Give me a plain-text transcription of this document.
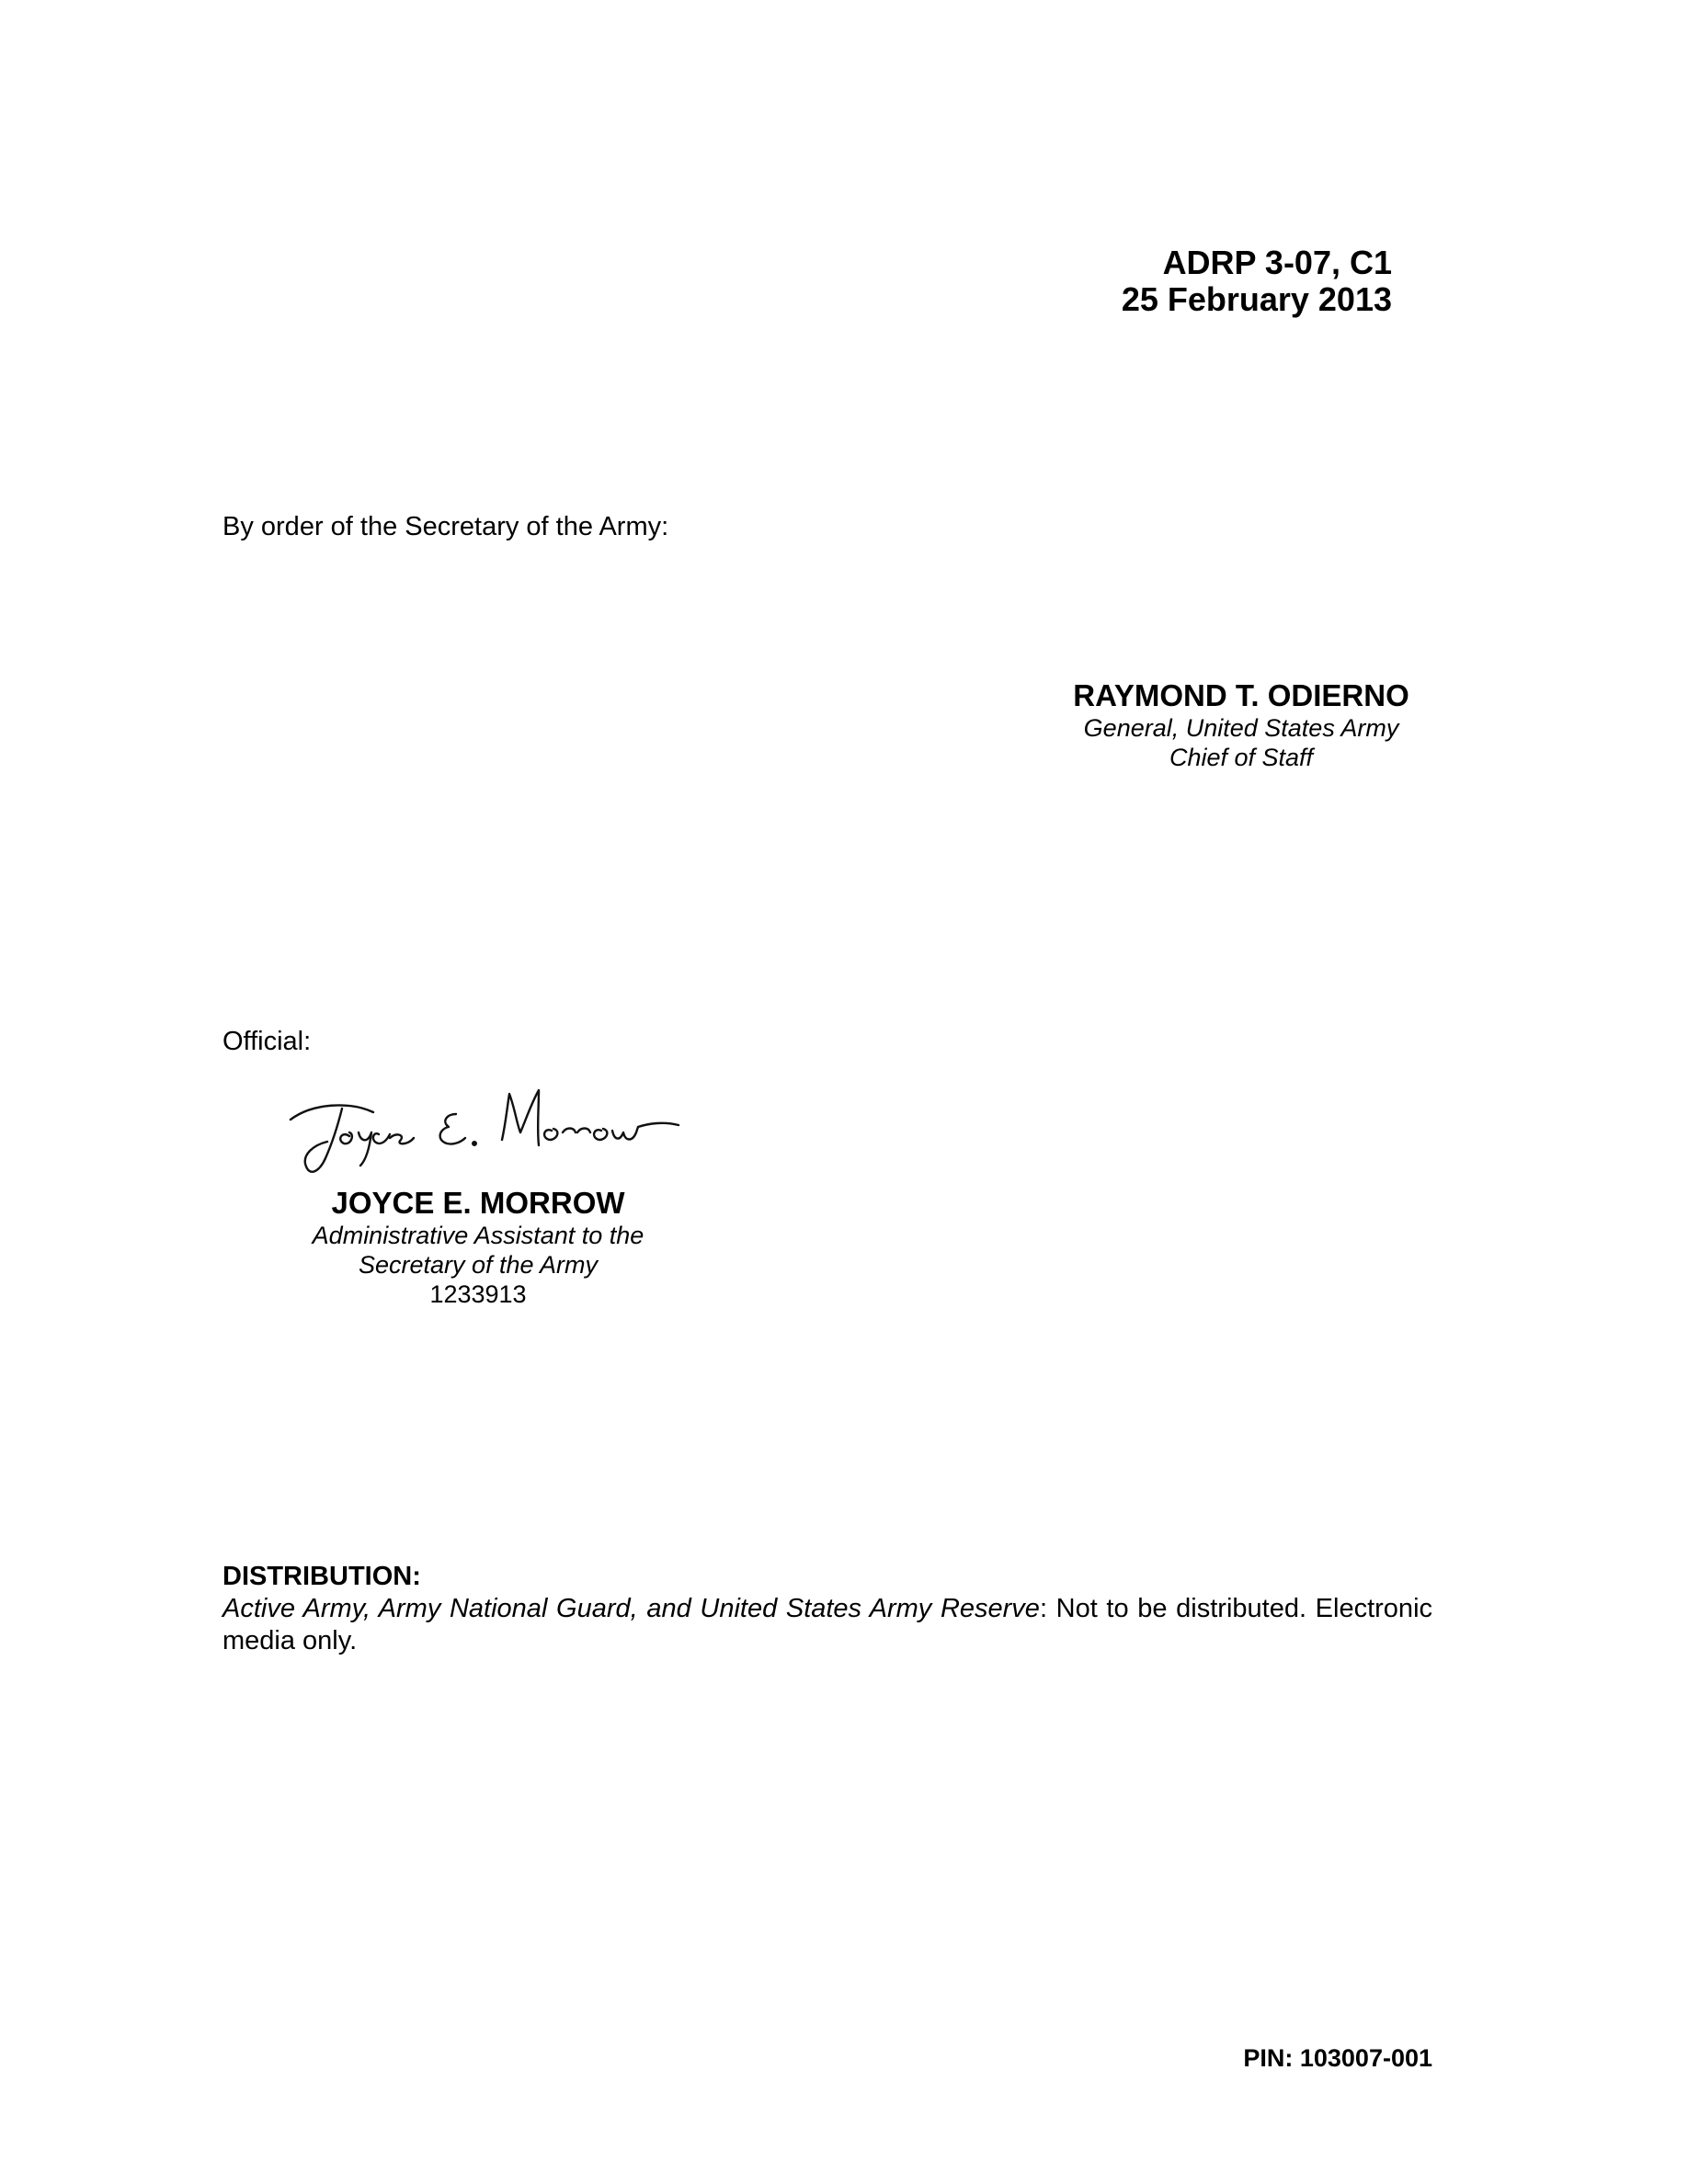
ADRP 3-07, C1
25 February 2013
By order of the Secretary of the Army:
RAYMOND T. ODIERNO
General, United States Army
Chief of Staff
Official:
JOYCE E. MORROW
Administrative Assistant to the
Secretary of the Army
1233913
DISTRIBUTION:
Active Army, Army National Guard, and United States Army Reserve: Not to be distributed. Electronic media only.
PIN: 103007-001
